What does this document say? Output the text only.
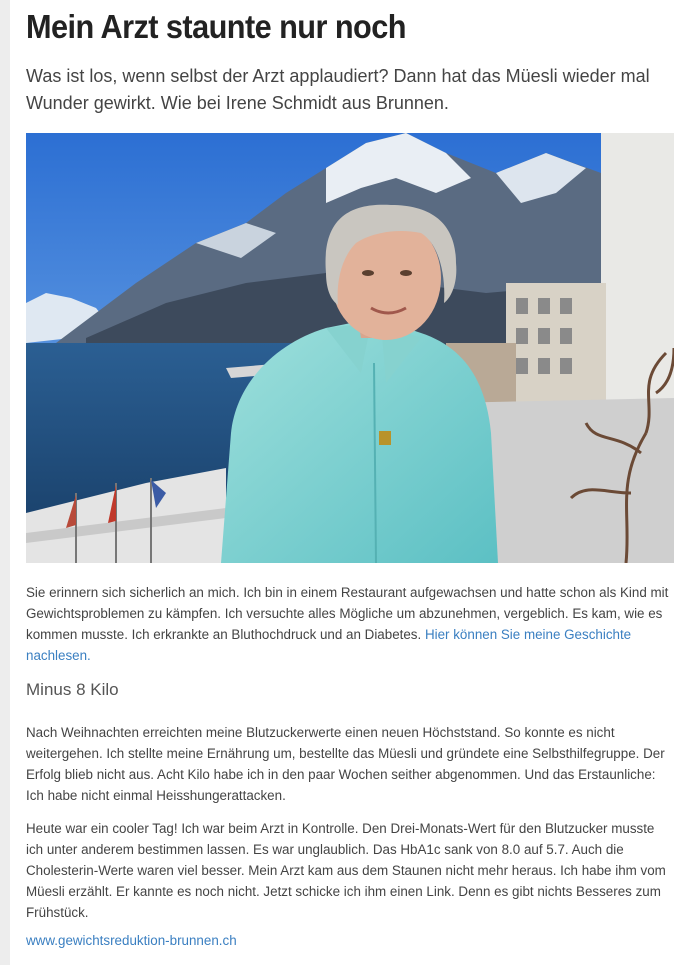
Mein Arzt staunte nur noch
Was ist los, wenn selbst der Arzt applaudiert? Dann hat das Müesli wieder mal Wunder gewirkt. Wie bei Irene Schmidt aus Brunnen.

Sie erinnern sich sicherlich an mich. Ich bin in einem Restaurant aufgewachsen und hatte schon als Kind mit Gewichtsproblemen zu kämpfen. Ich versuchte alles Mögliche um abzunehmen, vergeblich. Es kam, wie es kommen musste. Ich erkrankte an Bluthochdruck und an Diabetes. Hier können Sie meine Geschichte nachlesen.

Minus 8 Kilo

Nach Weihnachten erreichten meine Blutzuckerwerte einen neuen Höchststand. So konnte es nicht weitergehen. Ich stellte meine Ernährung um, bestellte das Müesli und gründete eine Selbsthilfegruppe. Der Erfolg blieb nicht aus. Acht Kilo habe ich in den paar Wochen seither abgenommen. Und das Erstaunliche: Ich habe nicht einmal Heisshungerattacken.

Heute war ein cooler Tag! Ich war beim Arzt in Kontrolle. Den Drei-Monats-Wert für den Blutzucker musste ich unter anderem bestimmen lassen. Es war unglaublich. Das HbA1c sank von 8.0 auf 5.7. Auch die Cholesterin-Werte waren viel besser. Mein Arzt kam aus dem Staunen nicht mehr heraus. Ich habe ihm vom Müesli erzählt. Er kannte es noch nicht. Jetzt schicke ich ihm einen Link. Denn es gibt nichts Besseres zum Frühstück.

www.gewichtsreduktion-brunnen.ch
